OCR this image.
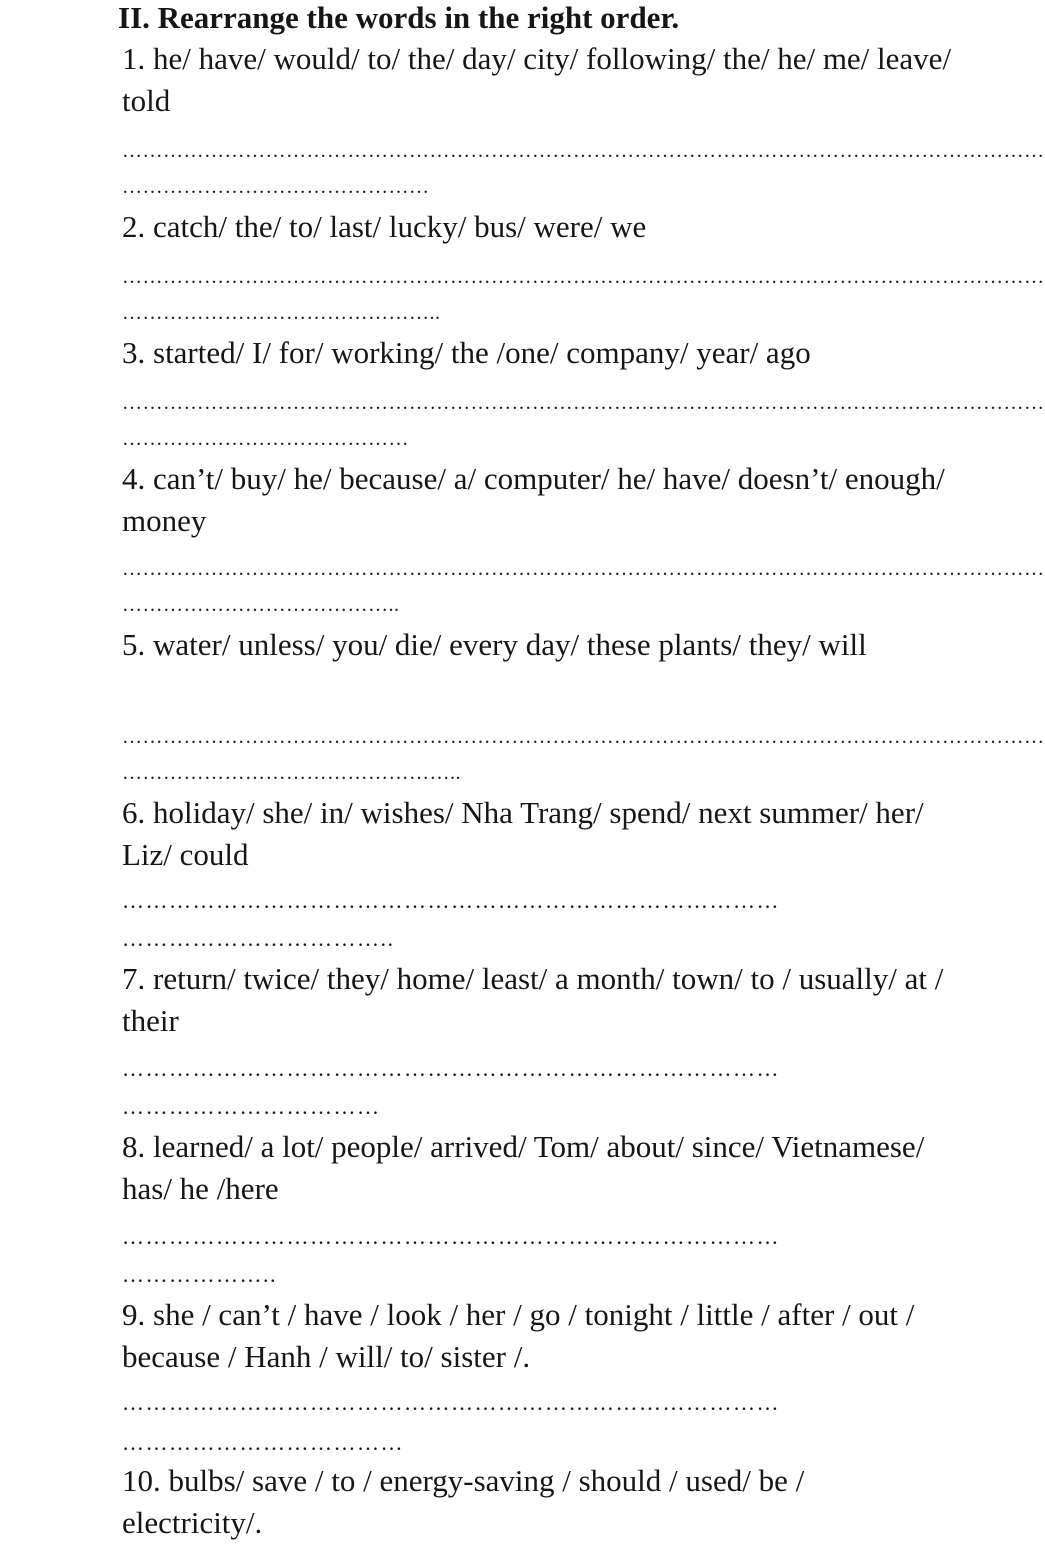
II. Rearrange the words in the right order.
1. he/ have/ would/ to/ the/ day/ city/ following/ the/ he/ me/ leave/ told
………………………………………………………………………………………………………………………
………………………………………
2. catch/ the/ to/ last/ lucky/ bus/ were/ we
………………………………………………………………………………………………………………………
………………………………………..
3. started/ I/ for/ working/ the /one/ company/ year/ ago
………………………………………………………………………………………………………………………
……………………………………
4. can’t/ buy/ he/ because/ a/ computer/ he/ have/ doesn’t/ enough/ money
………………………………………………………………………………………………………………………
…………………………………..
5. water/ unless/ you/ die/ every day/ these plants/ they/ will
………………………………………………………………………………………………………………………
…………………………………………..
6. holiday/ she/ in/ wishes/ Nha Trang/ spend/ next summer/ her/ Liz/ could
…………………………………………………………………………
……………………………..
7. return/ twice/ they/ home/ least/ a month/ town/ to / usually/ at / their
…………………………………………………………………………
……………………………
8. learned/ a lot/ people/ arrived/ Tom/ about/ since/ Vietnamese/ has/ he /here
…………………………………………………………………………
………………..
9. she / can’t / have / look / her / go / tonight / little / after / out / because / Hanh / will/ to/ sister /.
…………………………………………………………………………
………………………………
10. bulbs/ save / to / energy-saving / should / used/ be / electricity/.
